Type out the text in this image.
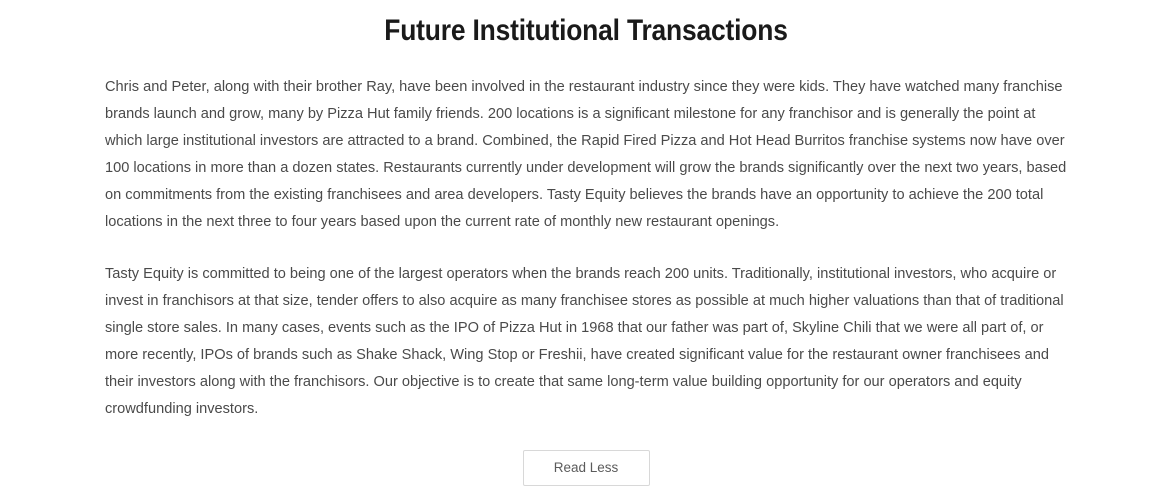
Future Institutional Transactions

Chris and Peter, along with their brother Ray, have been involved in the restaurant industry since they were kids. They have watched many franchise brands launch and grow, many by Pizza Hut family friends. 200 locations is a significant milestone for any franchisor and is generally the point at which large institutional investors are attracted to a brand. Combined, the Rapid Fired Pizza and Hot Head Burritos franchise systems now have over 100 locations in more than a dozen states. Restaurants currently under development will grow the brands significantly over the next two years, based on commitments from the existing franchisees and area developers. Tasty Equity believes the brands have an opportunity to achieve the 200 total locations in the next three to four years based upon the current rate of monthly new restaurant openings.

Tasty Equity is committed to being one of the largest operators when the brands reach 200 units. Traditionally, institutional investors, who acquire or invest in franchisors at that size, tender offers to also acquire as many franchisee stores as possible at much higher valuations than that of traditional single store sales. In many cases, events such as the IPO of Pizza Hut in 1968 that our father was part of, Skyline Chili that we were all part of, or more recently, IPOs of brands such as Shake Shack, Wing Stop or Freshii, have created significant value for the restaurant owner franchisees and their investors along with the franchisors. Our objective is to create that same long-term value building opportunity for our operators and equity crowdfunding investors.

Read Less
